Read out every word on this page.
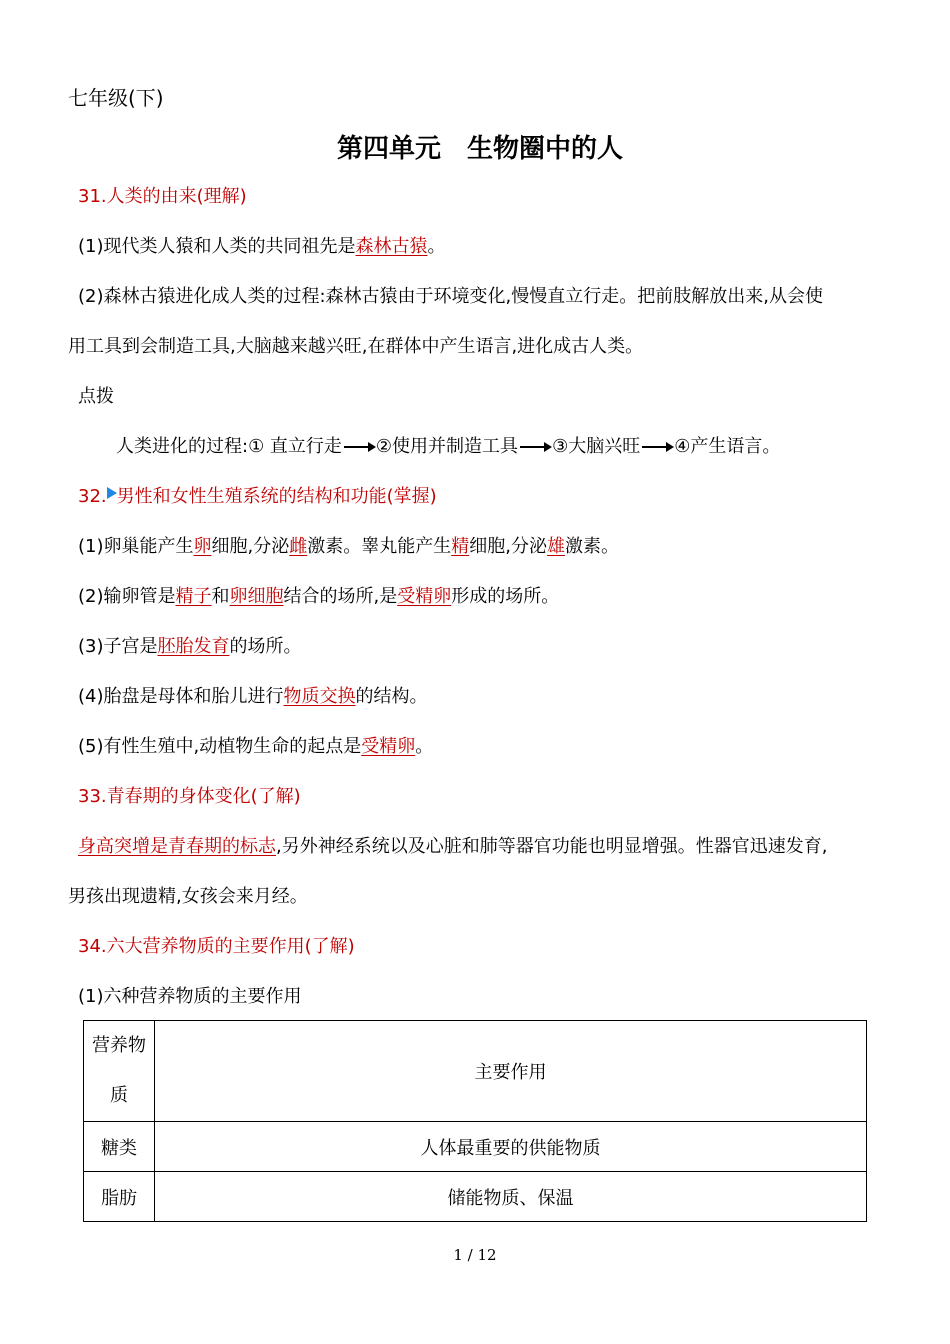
七年级(下)
第四单元　生物圈中的人
31.人类的由来(理解)
(1)现代类人猿和人类的共同祖先是森林古猿。
(2)森林古猿进化成人类的过程:森林古猿由于环境变化,慢慢直立行走。把前肢解放出来,从会使
用工具到会制造工具,大脑越来越兴旺,在群体中产生语言,进化成古人类。
点拨
人类进化的过程:① 直立行走 ②使用并制造工具 ③大脑兴旺 ④产生语言。
32. 男性和女性生殖系统的结构和功能(掌握)
(1)卵巢能产生卵细胞,分泌雌激素。睾丸能产生精细胞,分泌雄激素。
(2)输卵管是精子和卵细胞结合的场所,是受精卵形成的场所。
(3)子宫是胚胎发育的场所。
(4)胎盘是母体和胎儿进行物质交换的结构。
(5)有性生殖中,动植物生命的起点是受精卵。
33.青春期的身体变化(了解)
身高突增是青春期的标志,另外神经系统以及心脏和肺等器官功能也明显增强。性器官迅速发育,
男孩出现遗精,女孩会来月经。
34.六大营养物质的主要作用(了解)
(1)六种营养物质的主要作用
营养物
质	主要作用
糖类	人体最重要的供能物质
脂肪	储能物质、保温
1 / 12
